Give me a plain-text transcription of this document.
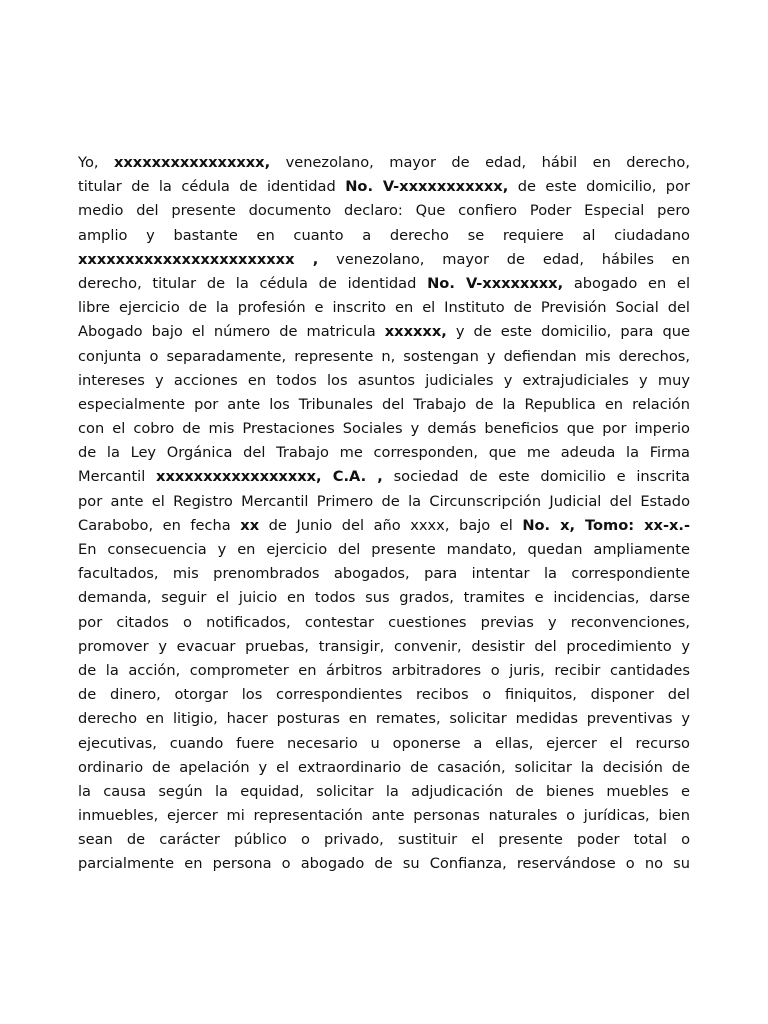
Yo, xxxxxxxxxxxxxxxx, venezolano, mayor de edad, hábil en derecho,
titular de la cédula de identidad No. V-xxxxxxxxxxx, de este domicilio, por
medio del presente documento declaro: Que confiero Poder Especial pero
amplio y bastante en cuanto a derecho se requiere al ciudadano
xxxxxxxxxxxxxxxxxxxxxxx , venezolano, mayor de edad, hábiles en
derecho, titular de la cédula de identidad No. V-xxxxxxxx, abogado en el
libre ejercicio de la profesión e inscrito en el Instituto de Previsión Social del
Abogado bajo el número de matricula xxxxxx, y de este domicilio, para que
conjunta o separadamente, represente n, sostengan y defiendan mis derechos,
intereses y acciones en todos los asuntos judiciales y extrajudiciales y muy
especialmente por ante los Tribunales del Trabajo de la Republica en relación
con el cobro de mis Prestaciones Sociales y demás beneficios que por imperio
de la Ley Orgánica del Trabajo me corresponden, que me adeuda la Firma
Mercantil xxxxxxxxxxxxxxxxx, C.A. , sociedad de este domicilio e inscrita
por ante el Registro Mercantil Primero de la Circunscripción Judicial del Estado
Carabobo, en fecha xx de Junio del año xxxx, bajo el No. x, Tomo: xx-x.-
En consecuencia y en ejercicio del presente mandato, quedan ampliamente
facultados, mis prenombrados abogados, para intentar la correspondiente
demanda, seguir el juicio en todos sus grados, tramites e incidencias, darse
por citados o notificados, contestar cuestiones previas y reconvenciones,
promover y evacuar pruebas, transigir, convenir, desistir del procedimiento y
de la acción, comprometer en árbitros arbitradores o juris, recibir cantidades
de dinero, otorgar los correspondientes recibos o finiquitos, disponer del
derecho en litigio, hacer posturas en remates, solicitar medidas preventivas y
ejecutivas, cuando fuere necesario u oponerse a ellas, ejercer el recurso
ordinario de apelación y el extraordinario de casación, solicitar la decisión de
la causa según la equidad, solicitar la adjudicación de bienes muebles e
inmuebles, ejercer mi representación ante personas naturales o jurídicas, bien
sean de carácter público o privado, sustituir el presente poder total o
parcialmente en persona o abogado de su Confianza, reservándose o no su
